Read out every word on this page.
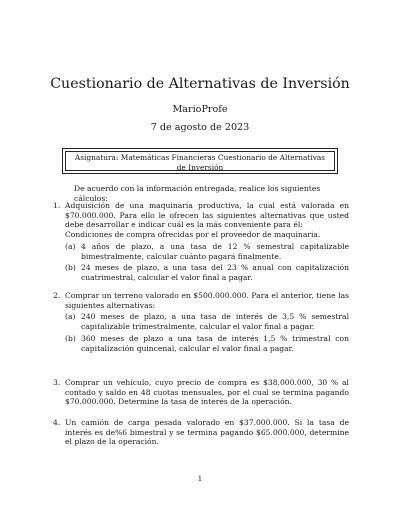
Cuestionario de Alternativas de Inversión
MarioProfe
7 de agosto de 2023
Asignatura: Matemáticas Financieras Cuestionario de Alternativas de Inversión
De acuerdo con la información entregada, realice los siguientes cálculos:
1. Adquisición de una maquinaria productiva, la cual está valorada en $70.000.000. Para ello le ofrecen las siguientes alternativas que usted debe desarrollar e indicar cuál es la más conveniente para él:
Condiciones de compra ofrecidas por el proveedor de maquinaria.
(a) 4 años de plazo, a una tasa de 12 % semestral capitalizable bimestralmente, calcular cuánto pagará finalmente.
(b) 24 meses de plazo, a una tasa del 23 % anual con capitalización cuatrimestral, calcular el valor final a pagar.
2. Comprar un terreno valorado en $500.000.000. Para el anterior, tiene las siguientes alternativas:
(a) 240 meses de plazo, a una tasa de interés de 3,5 % semestral capitalizable trimestralmente, calcular el valor final a pagar.
(b) 360 meses de plazo a una tasa de interés 1,5 % trimestral con capitalización quincenal, calcular el valor final a pagar.
3. Comprar un vehículo, cuyo precio de compra es $38.000.000, 30 % al contado y saldo en 48 cuotas mensuales, por el cual se termina pagando $70.000.000. Determine la tasa de interés de la operación.
4. Un camión de carga pesada valorado en $37.000.000. Si la tasa de interés es de%6 bimestral y se termina pagando $65.000.000, determine el plazo de la operación.
1
